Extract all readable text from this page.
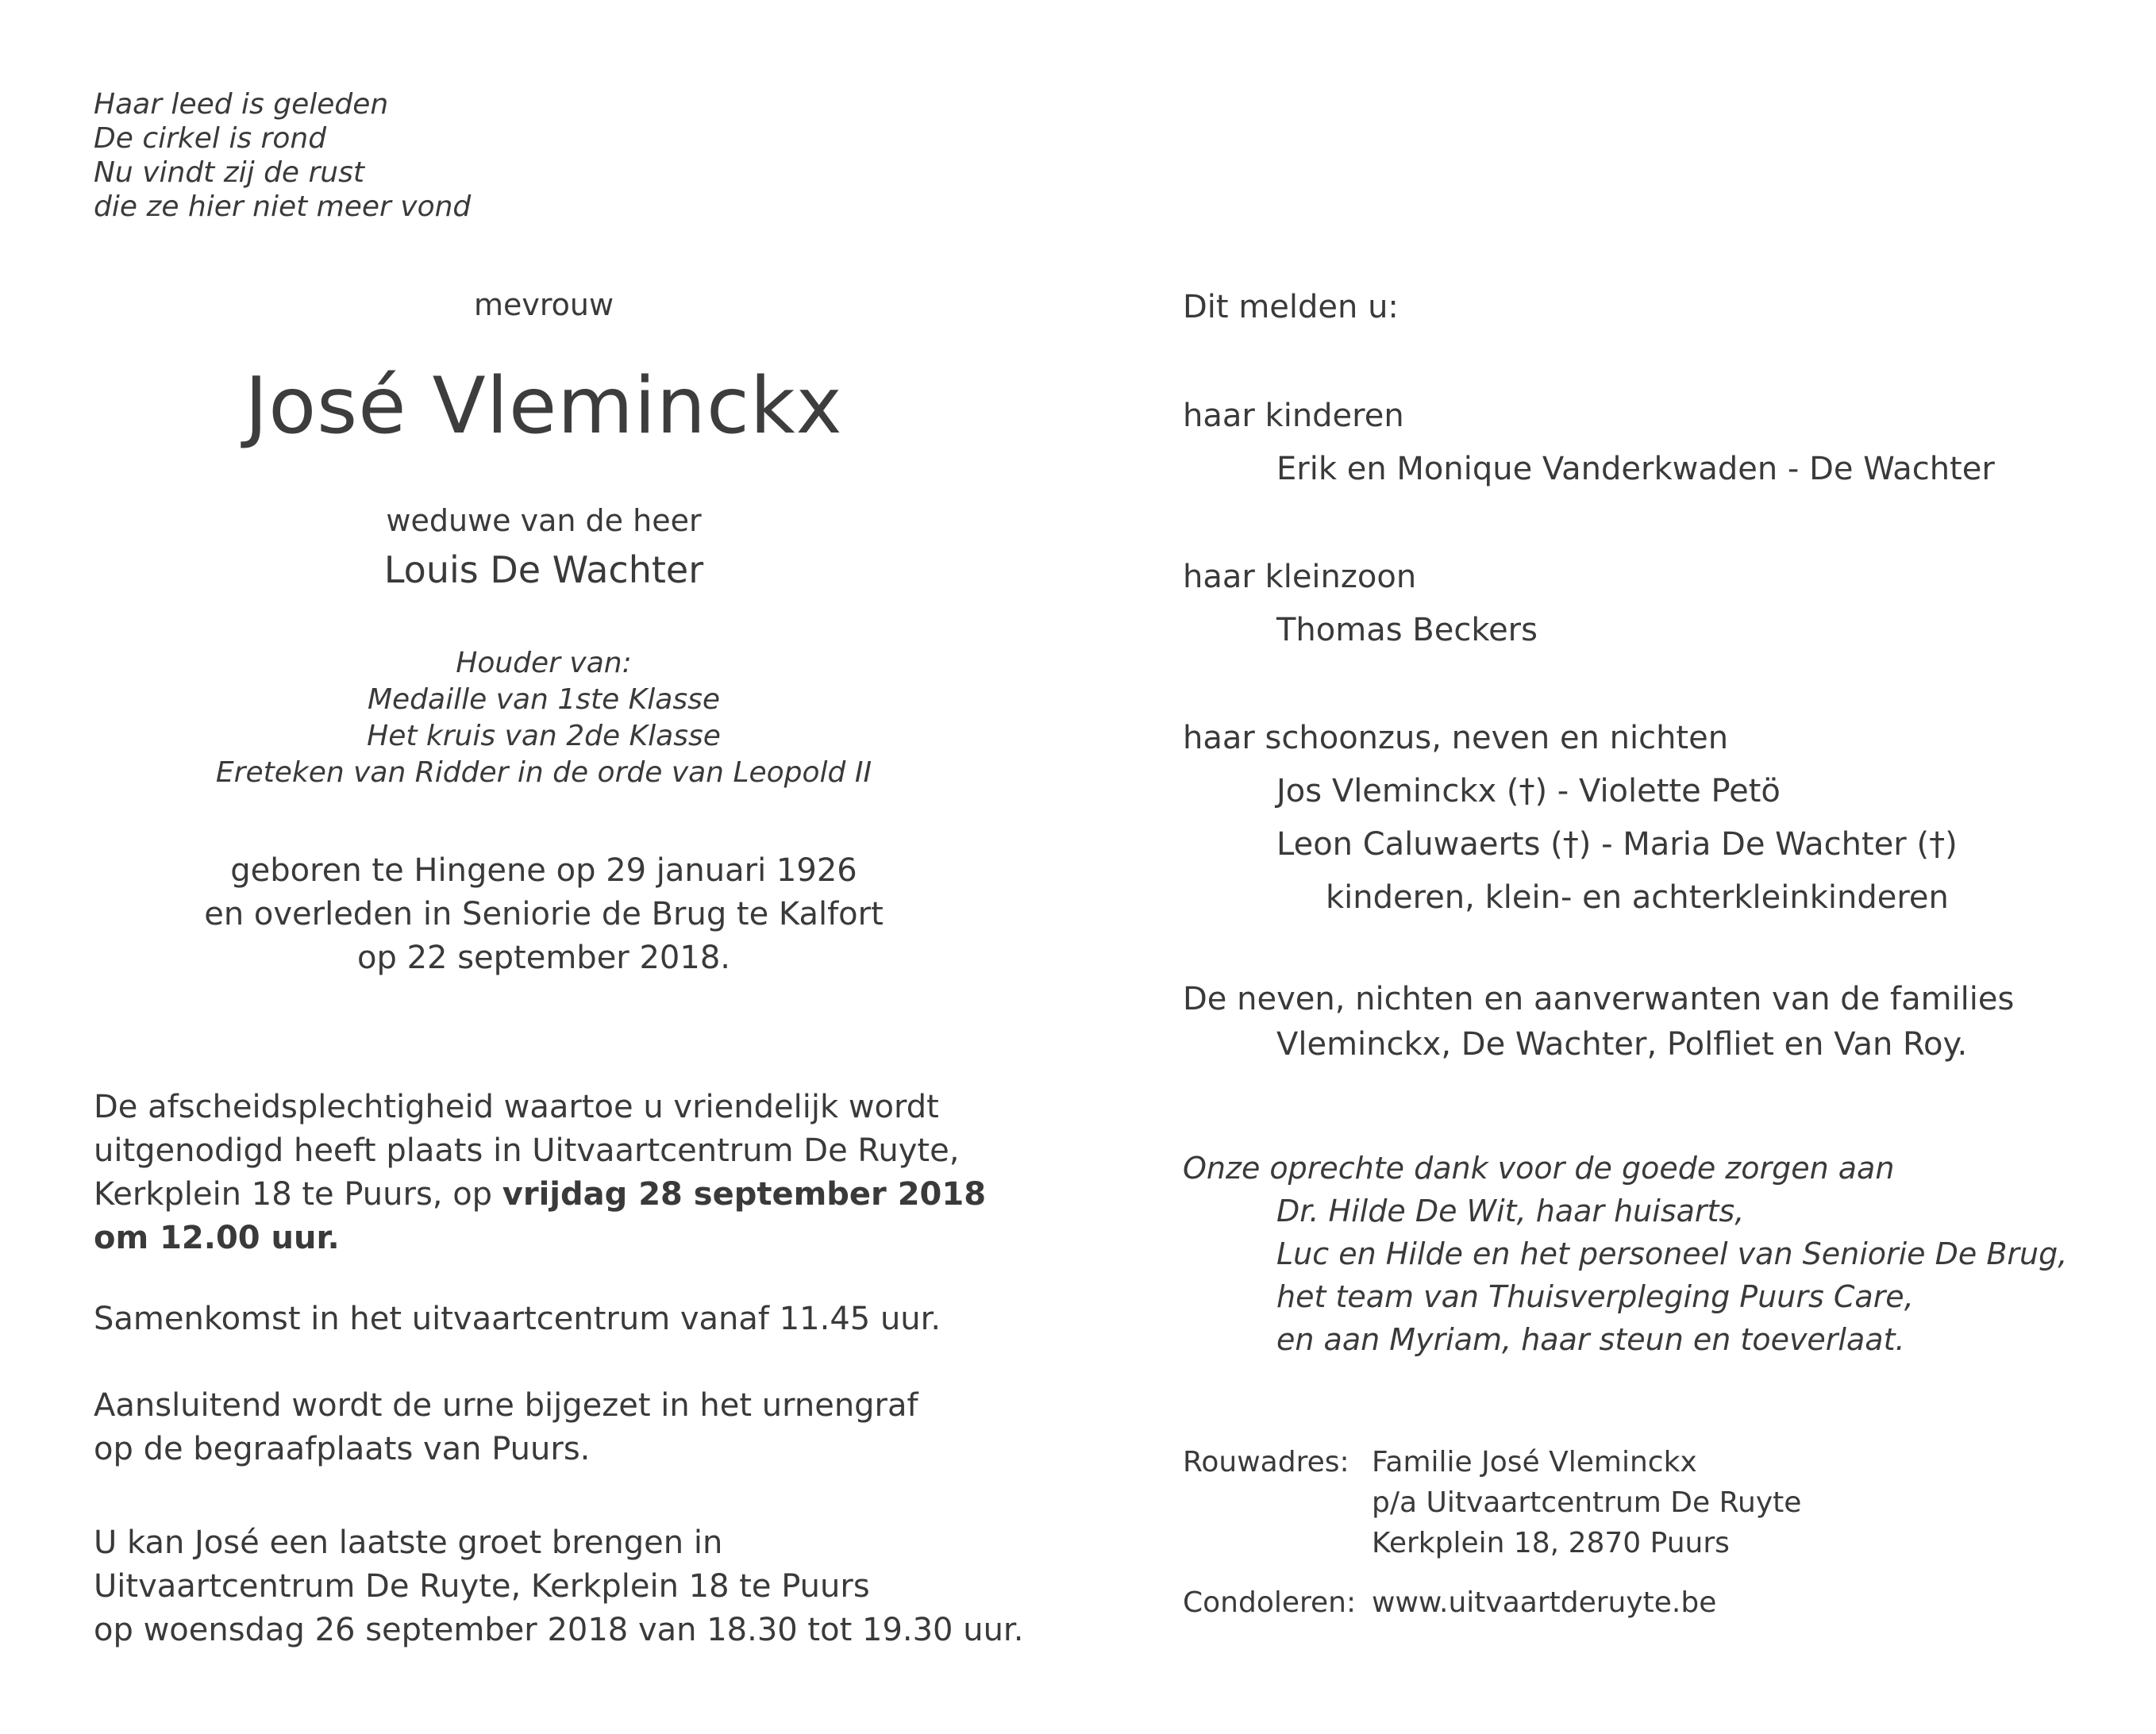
Haar leed is geleden
De cirkel is rond
Nu vindt zij de rust
die ze hier niet meer vond
mevrouw
José Vleminckx
weduwe van de heer
Louis De Wachter
Houder van:
Medaille van 1ste Klasse
Het kruis van 2de Klasse
Ereteken van Ridder in de orde van Leopold II
geboren te Hingene op 29 januari 1926
en overleden in Seniorie de Brug te Kalfort
op 22 september 2018.
De afscheidsplechtigheid waartoe u vriendelijk wordt
uitgenodigd heeft plaats in Uitvaartcentrum De Ruyte,
Kerkplein 18 te Puurs, op vrijdag 28 september 2018
om 12.00 uur.
Samenkomst in het uitvaartcentrum vanaf 11.45 uur.
Aansluitend wordt de urne bijgezet in het urnengraf
op de begraafplaats van Puurs.
U kan José een laatste groet brengen in
Uitvaartcentrum De Ruyte, Kerkplein 18 te Puurs
op woensdag 26 september 2018 van 18.30 tot 19.30 uur.
Dit melden u:
haar kinderen
Erik en Monique Vanderkwaden - De Wachter
haar kleinzoon
Thomas Beckers
haar schoonzus, neven en nichten
Jos Vleminckx (†) - Violette Petö
Leon Caluwaerts (†) - Maria De Wachter (†)
kinderen, klein- en achterkleinkinderen
De neven, nichten en aanverwanten van de families
Vleminckx, De Wachter, Polfliet en Van Roy.
Onze oprechte dank voor de goede zorgen aan
Dr. Hilde De Wit, haar huisarts,
Luc en Hilde en het personeel van Seniorie De Brug,
het team van Thuisverpleging Puurs Care,
en aan Myriam, haar steun en toeverlaat.
Rouwadres: Familie José Vleminckx
p/a Uitvaartcentrum De Ruyte
Kerkplein 18, 2870 Puurs
Condoleren: www.uitvaartderuyte.be
